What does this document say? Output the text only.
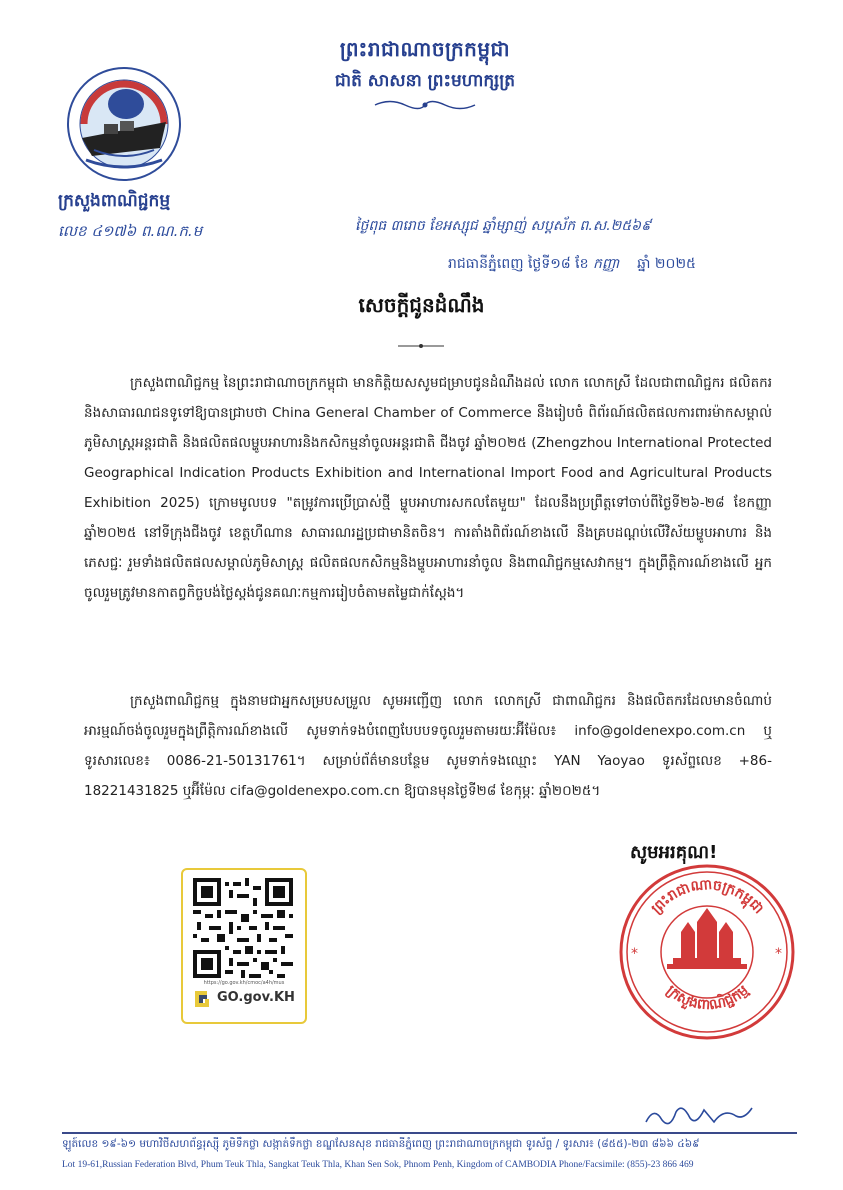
ព្រះរាជាណាចក្រកម្ពុជា
ជាតិ សាសនា ព្រះមហាក្សត្រ
ក្រសួងពាណិជ្ជកម្ម
លេខ ៤១៧៦ ព.ណ.ក.ម	ថ្ងៃពុធ ៣រោច ខែអស្សុជ ឆ្នាំម្សាញ់ សប្តស័ក ព.ស.២៥៦៩
រាជធានីភ្នំពេញ ថ្ងៃទី១៨ ខែ កញ្ញា ឆ្នាំ ២០២៥
សេចក្តីជូនដំណឹង

ក្រសួងពាណិជ្ជកម្ម នៃព្រះរាជាណាចក្រកម្ពុជា មានកិត្តិយសសូមជម្រាបជូនដំណឹងដល់ លោក លោកស្រី ដែលជាពាណិជ្ជករ ផលិតករ និងសាធារណជនទូទៅឱ្យបានជ្រាបថា China General Chamber of Commerce នឹងរៀបចំ ពិព័រណ៍ផលិតផលការពារម៉ាកសម្គាល់ភូមិសាស្ត្រអន្តរជាតិ និងផលិតផលម្ហូបអាហារនិងកសិកម្មនាំចូលអន្តរជាតិ ជីងចូវ ឆ្នាំ២០២៥ (Zhengzhou International Protected Geographical Indication Products Exhibition and International Import Food and Agricultural Products Exhibition 2025) ក្រោមមូលបទ "តម្រូវការប្រើប្រាស់ថ្មី ម្ហូបអាហារសកលតែមួយ" ដែលនឹងប្រព្រឹត្តទៅចាប់ពីថ្ងៃទី២៦-២៨ ខែកញ្ញា ឆ្នាំ២០២៥ នៅទីក្រុងជីងចូវ ខេត្តហឺណាន សាធារណរដ្ឋប្រជាមានិតចិន។ ការតាំងពិព័រណ៍ខាងលើ នឹងគ្របដណ្តប់លើវិស័យម្ហូបអាហារ និងភេសជ្ជៈ រួមទាំងផលិតផលសម្គាល់ភូមិសាស្ត្រ ផលិតផលកសិកម្មនិងម្ហូបអាហារនាំចូល និងពាណិជ្ជកម្មសេវាកម្ម។ ក្នុងព្រឹត្តិការណ៍ខាងលើ អ្នកចូលរួមត្រូវមានកាតព្វកិច្ចបង់ថ្លៃស្តង់ជូនគណៈកម្មការរៀបចំតាមតម្លៃជាក់ស្តែង។

ក្រសួងពាណិជ្ជកម្ម ក្នុងនាមជាអ្នកសម្របសម្រួល សូមអញ្ជើញ លោក លោកស្រី ជាពាណិជ្ជករ និងផលិតករដែលមានចំណាប់អារម្មណ៍ចង់ចូលរួមក្នុងព្រឹត្តិការណ៍ខាងលើ សូមទាក់ទងបំពេញបែបបទចូលរួមតាមរយៈអ៊ីម៉ែល៖ info@goldenexpo.com.cn ឬ ទូរសារលេខ៖ 0086-21-50131761។ សម្រាប់ព័ត៌មានបន្ថែម សូមទាក់ទងឈ្មោះ YAN Yaoyao ទូរស័ព្ទលេខ +86-18221431825 ឬអ៊ីម៉ែល cifa@goldenexpo.com.cn ឱ្យបានមុនថ្ងៃទី២៨ ខែកុម្ភៈ ឆ្នាំ២០២៥។

សូមអរគុណ!
https://go.gov.kh/cmoc/a4h/mus
GO.gov.KH
ព្រះរាជាណាចក្រកម្ពុជា
ក្រសួងពាណិជ្ជកម្ម
*	*
ឡូត៍លេខ ១៩-៦១ មហាវិថីសហព័ន្ធរុស្ស៊ី ភូមិទឹកថ្លា សង្កាត់ទឹកថ្លា ខណ្ឌសែនសុខ រាជធានីភ្នំពេញ ព្រះរាជាណាចក្រកម្ពុជា ទូរស័ព្ទ / ទូរសារ៖ (៨៥៥)-២៣ ៨៦៦ ៤៦៩
Lot 19-61,Russian Federation Blvd, Phum Teuk Thla, Sangkat Teuk Thla, Khan Sen Sok, Phnom Penh, Kingdom of CAMBODIA Phone/Facsimile: (855)-23 866 469
